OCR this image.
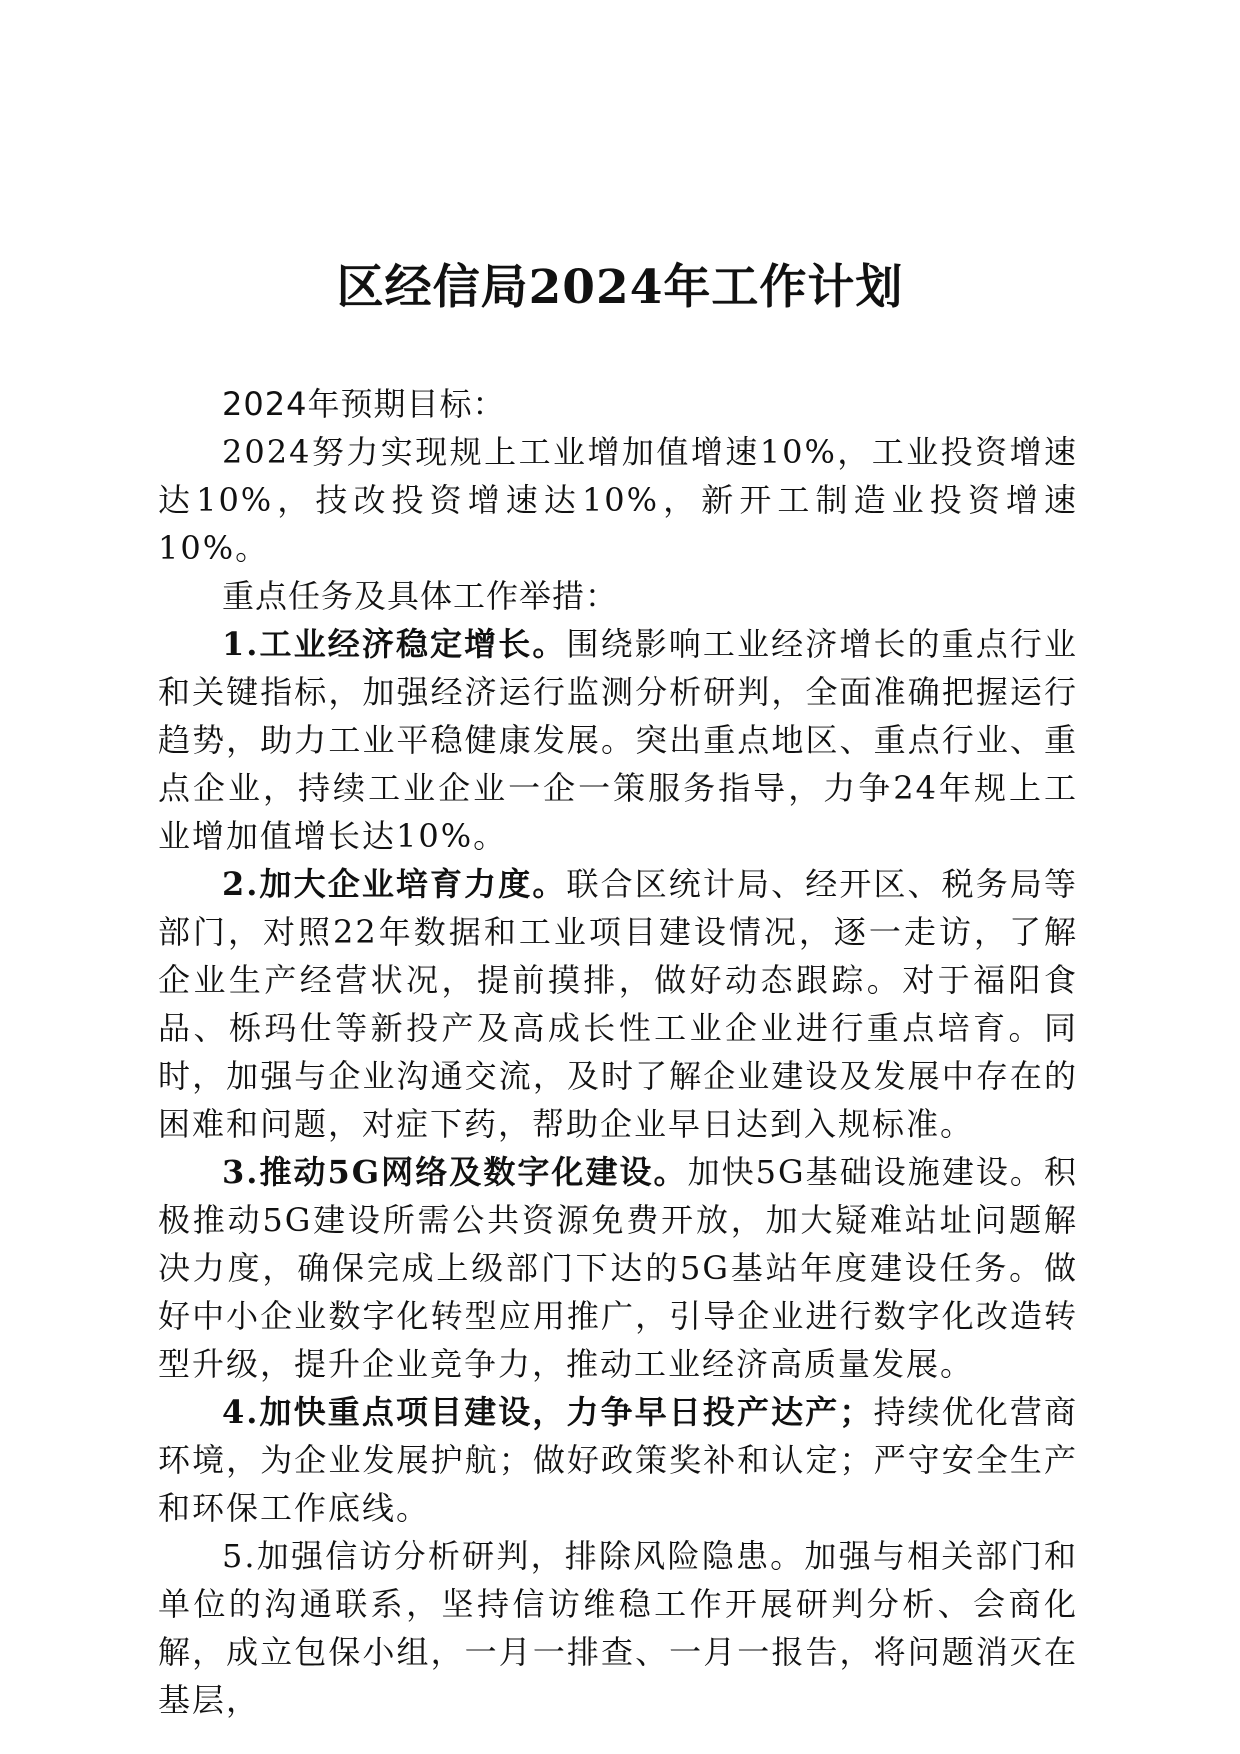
区经信局2024年工作计划

2024年预期目标：

2024努力实现规上工业增加值增速10%，工业投资增速达10%，技改投资增速达10%，新开工制造业投资增速10%。

重点任务及具体工作举措：

1.工业经济稳定增长。围绕影响工业经济增长的重点行业和关键指标，加强经济运行监测分析研判，全面准确把握运行趋势，助力工业平稳健康发展。突出重点地区、重点行业、重点企业，持续工业企业一企一策服务指导，力争24年规上工业增加值增长达10%。

2.加大企业培育力度。联合区统计局、经开区、税务局等部门，对照22年数据和工业项目建设情况，逐一走访，了解企业生产经营状况，提前摸排，做好动态跟踪。对于福阳食品、栎玛仕等新投产及高成长性工业企业进行重点培育。同时，加强与企业沟通交流，及时了解企业建设及发展中存在的困难和问题，对症下药，帮助企业早日达到入规标准。

3.推动5G网络及数字化建设。加快5G基础设施建设。积极推动5G建设所需公共资源免费开放，加大疑难站址问题解决力度，确保完成上级部门下达的5G基站年度建设任务。做好中小企业数字化转型应用推广，引导企业进行数字化改造转型升级，提升企业竞争力，推动工业经济高质量发展。

4.加快重点项目建设，力争早日投产达产；持续优化营商环境，为企业发展护航；做好政策奖补和认定；严守安全生产和环保工作底线。

5.加强信访分析研判，排除风险隐患。加强与相关部门和单位的沟通联系，坚持信访维稳工作开展研判分析、会商化解，成立包保小组，一月一排查、一月一报告，将问题消灭在基层，
